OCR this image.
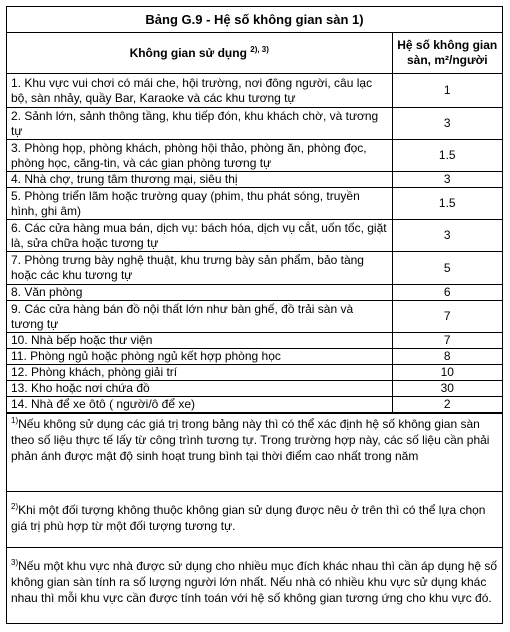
Bảng G.9 - Hệ số không gian sàn 1)
Không gian sử dụng $^{2), 3)}$	Hệ số không gian sàn, m²/người

1. Khu vực vui chơi có mái che, hội trường, nơi đông người, câu lạc bộ, sàn nhảy, quầy Bar, Karaoke và các khu tương tự	1
2. Sảnh lớn, sảnh thông tầng, khu tiếp đón, khu khách chờ, và tương tự	3
3. Phòng họp, phòng khách, phòng hội thảo, phòng ăn, phòng đọc, phòng học, căng-tin, và các gian phòng tương tự	1.5
4. Nhà chợ, trung tâm thương mại, siêu thị	3
5. Phòng triển lãm hoặc trường quay (phim, thu phát sóng, truyền hình, ghi âm)	1.5
6. Các cửa hàng mua bán, dịch vụ: bách hóa, dịch vụ cắt, uốn tốc, giặt là, sửa chữa hoặc tương tự	3
7. Phòng trưng bày nghệ thuật, khu trưng bày sản phẩm, bảo tàng hoặc các khu tương tự	5
8. Văn phòng	6
9. Các cửa hàng bán đồ nội thất lớn như bàn ghế, đồ trải sàn và tương tự	7
10. Nhà bếp hoặc thư viện	7
11. Phòng ngủ hoặc phòng ngủ kết hợp phòng học	8
12. Phòng khách, phòng giải trí	10
13. Kho hoặc nơi chứa đồ	30
14. Nhà để xe ôtô ( người/ô để xe)	2
$^{1)}$Nếu không sử dụng các giá trị trong bảng này thì có thể xác định hệ số không gian sàn theo số liệu thực tế lấy từ công trình tương tự. Trong trường hợp này, các số liệu cần phải phản ánh được mật độ sinh hoạt trung bình tại thời điểm cao nhất trong năm
$^{2)}$Khi một đối tượng không thuộc không gian sử dụng được nêu ở trên thì có thể lựa chọn giá trị phù hợp từ một đối tượng tương tự.
$^{3)}$Nếu một khu vực nhà được sử dụng cho nhiều mục đích khác nhau thì cần áp dụng hệ số không gian sàn tính ra số lượng người lớn nhất. Nếu nhà có nhiều khu vực sử dụng khác nhau thì mỗi khu vực cần được tính toán với hệ số không gian tương ứng cho khu vực đó.
